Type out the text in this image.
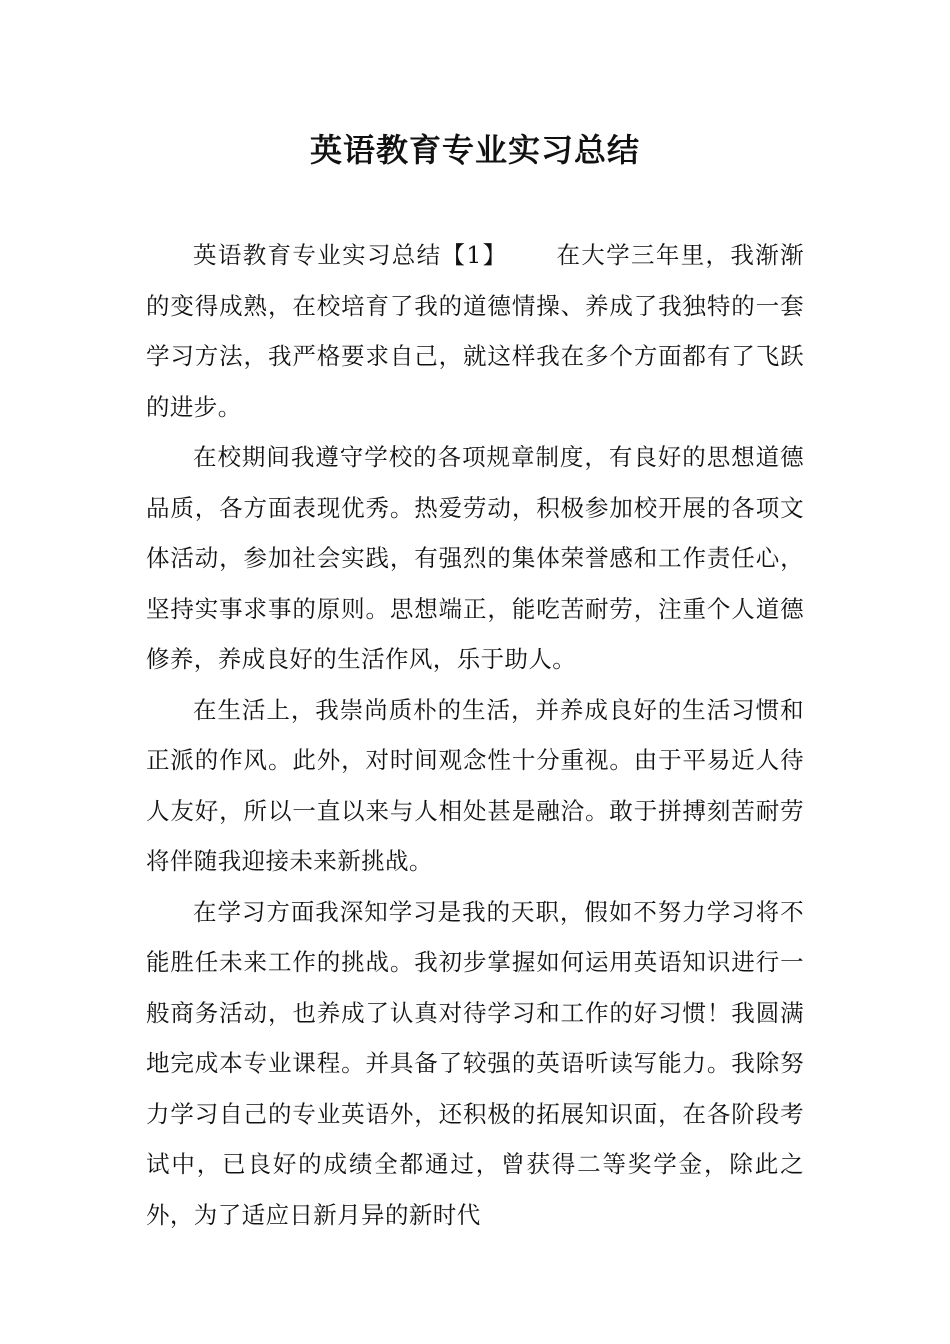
英语教育专业实习总结

英语教育专业实习总结【1】 在大学三年里，我渐渐的变得成熟，在校培育了我的道德情操、养成了我独特的一套学习方法，我严格要求自己，就这样我在多个方面都有了飞跃的进步。

在校期间我遵守学校的各项规章制度，有良好的思想道德品质，各方面表现优秀。热爱劳动，积极参加校开展的各项文体活动，参加社会实践，有强烈的集体荣誉感和工作责任心，坚持实事求事的原则。思想端正，能吃苦耐劳，注重个人道德修养，养成良好的生活作风，乐于助人。

在生活上，我崇尚质朴的生活，并养成良好的生活习惯和正派的作风。此外，对时间观念性十分重视。由于平易近人待人友好，所以一直以来与人相处甚是融洽。敢于拼搏刻苦耐劳将伴随我迎接未来新挑战。

在学习方面我深知学习是我的天职，假如不努力学习将不能胜任未来工作的挑战。我初步掌握如何运用英语知识进行一般商务活动，也养成了认真对待学习和工作的好习惯！我圆满地完成本专业课程。并具备了较强的英语听读写能力。我除努力学习自己的专业英语外，还积极的拓展知识面，在各阶段考试中，已良好的成绩全都通过，曾获得二等奖学金，除此之外，为了适应日新月异的新时代
